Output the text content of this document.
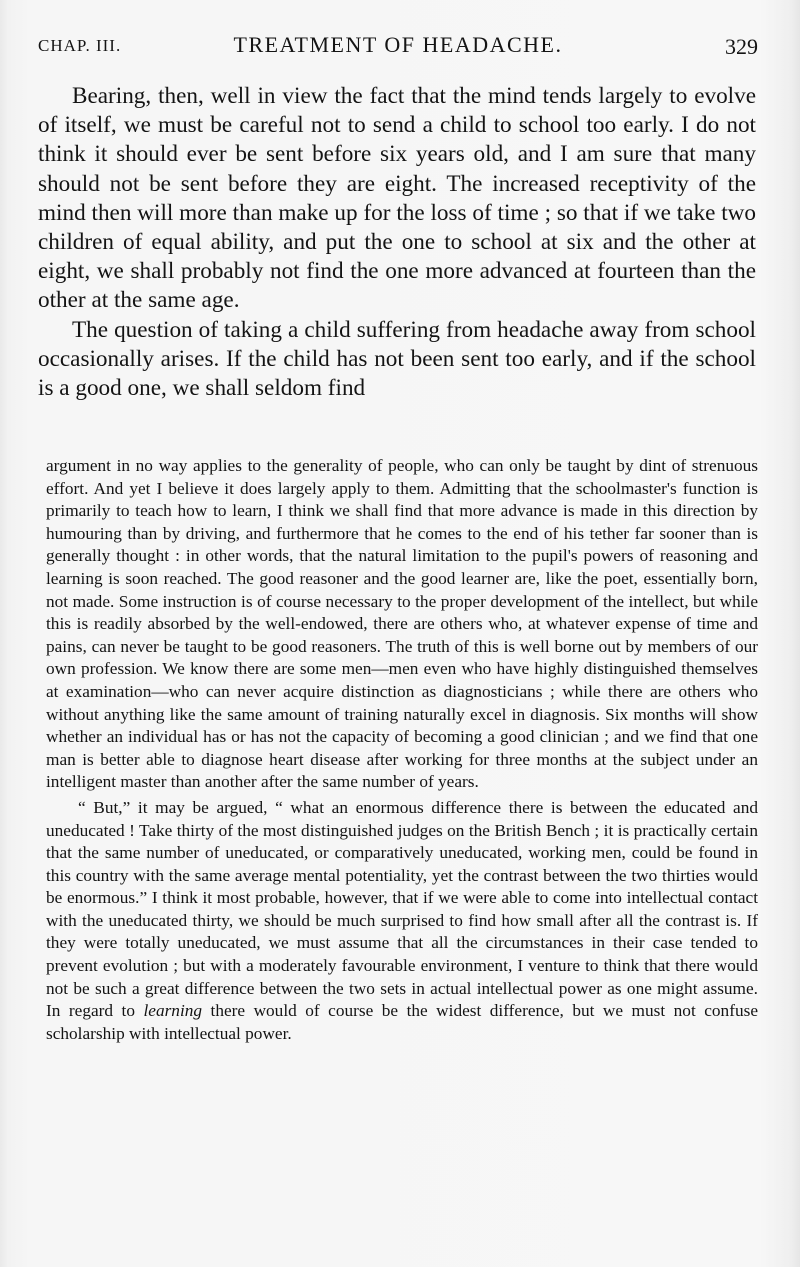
CHAP. III.	TREATMENT OF HEADACHE.	329

Bearing, then, well in view the fact that the mind tends largely to evolve of itself, we must be careful not to send a child to school too early. I do not think it should ever be sent before six years old, and I am sure that many should not be sent before they are eight. The increased receptivity of the mind then will more than make up for the loss of time ; so that if we take two children of equal ability, and put the one to school at six and the other at eight, we shall probably not find the one more advanced at fourteen than the other at the same age.

The question of taking a child suffering from headache away from school occasionally arises. If the child has not been sent too early, and if the school is a good one, we shall seldom find

argument in no way applies to the generality of people, who can only be taught by dint of strenuous effort. And yet I believe it does largely apply to them. Admitting that the schoolmaster's function is primarily to teach how to learn, I think we shall find that more advance is made in this direction by humouring than by driving, and furthermore that he comes to the end of his tether far sooner than is generally thought : in other words, that the natural limitation to the pupil's powers of reasoning and learning is soon reached. The good reasoner and the good learner are, like the poet, essentially born, not made. Some instruction is of course necessary to the proper development of the intellect, but while this is readily absorbed by the well-endowed, there are others who, at whatever expense of time and pains, can never be taught to be good reasoners. The truth of this is well borne out by members of our own profession. We know there are some men—men even who have highly distinguished themselves at examination—who can never acquire distinction as diagnosticians ; while there are others who without anything like the same amount of training naturally excel in diagnosis. Six months will show whether an individual has or has not the capacity of becoming a good clinician ; and we find that one man is better able to diagnose heart disease after working for three months at the subject under an intelligent master than another after the same number of years.

“ But,” it may be argued, “ what an enormous difference there is between the educated and uneducated ! Take thirty of the most distinguished judges on the British Bench ; it is practically certain that the same number of uneducated, or comparatively uneducated, working men, could be found in this country with the same average mental potentiality, yet the contrast between the two thirties would be enormous.” I think it most probable, however, that if we were able to come into intellectual contact with the uneducated thirty, we should be much surprised to find how small after all the contrast is. If they were totally uneducated, we must assume that all the circumstances in their case tended to prevent evolution ; but with a moderately favourable environment, I venture to think that there would not be such a great difference between the two sets in actual intellectual power as one might assume. In regard to learning there would of course be the widest difference, but we must not confuse scholarship with intellectual power.
